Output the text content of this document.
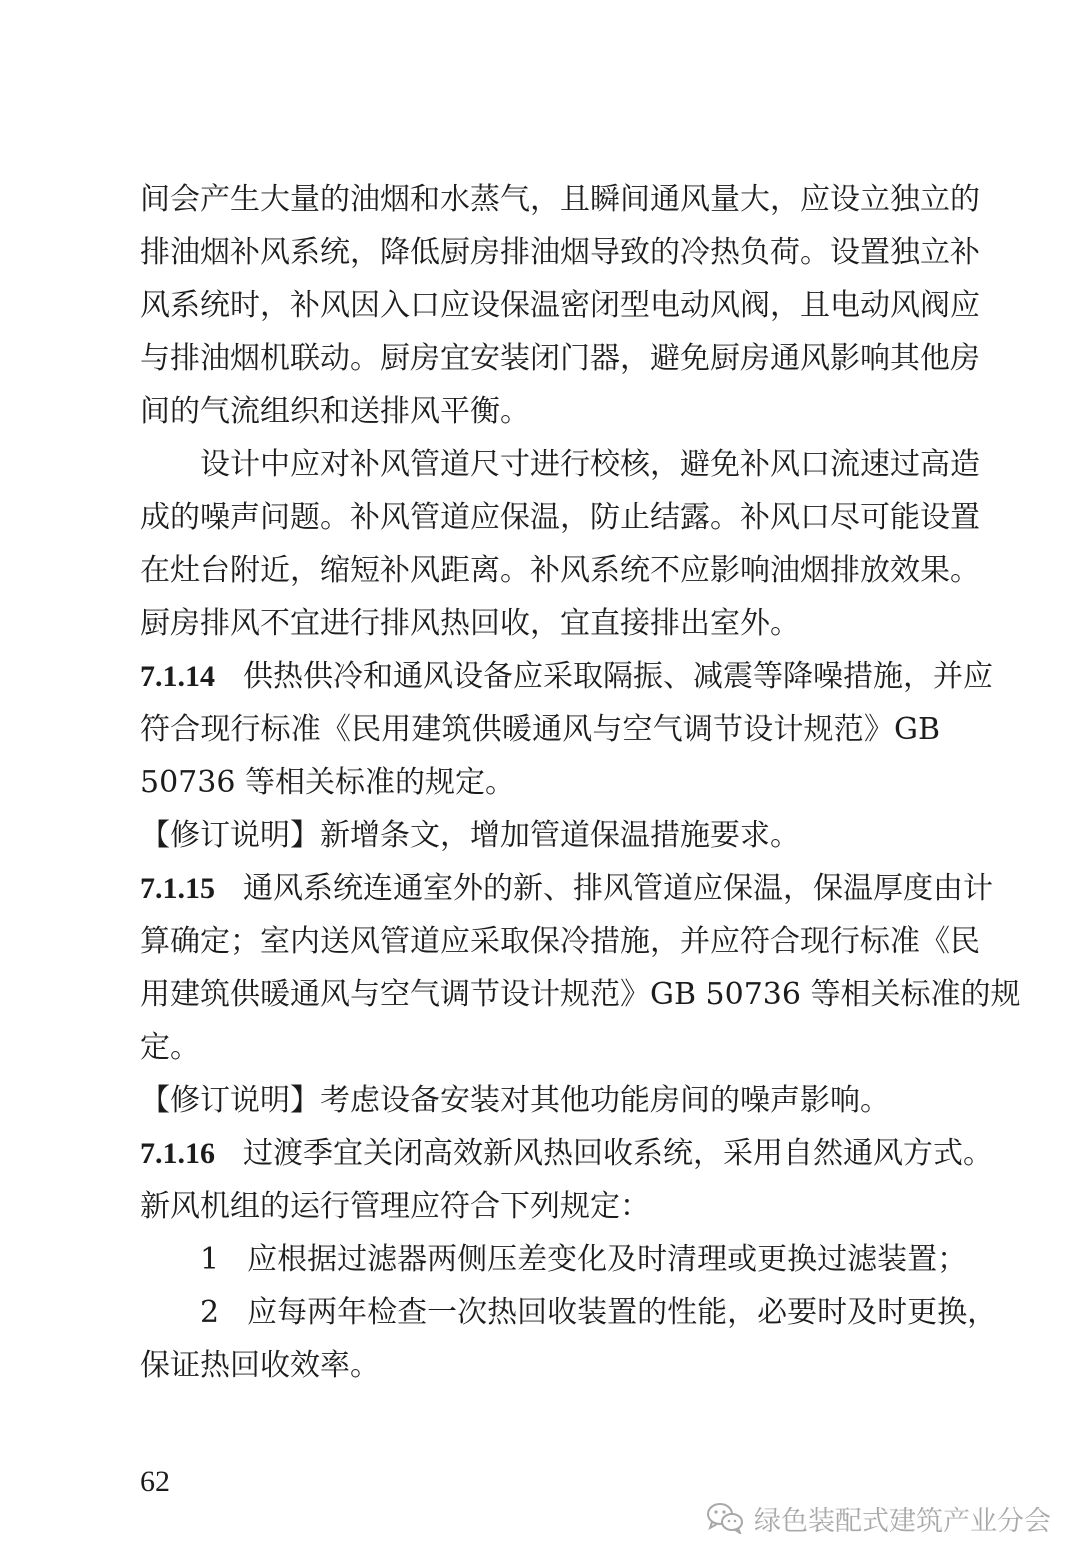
间会产生大量的油烟和水蒸气，且瞬间通风量大，应设立独立的
排油烟补风系统，降低厨房排油烟导致的冷热负荷。设置独立补
风系统时，补风因入口应设保温密闭型电动风阀，且电动风阀应
与排油烟机联动。厨房宜安装闭门器，避免厨房通风影响其他房
间的气流组织和送排风平衡。
设计中应对补风管道尺寸进行校核，避免补风口流速过高造
成的噪声问题。补风管道应保温，防止结露。补风口尽可能设置
在灶台附近，缩短补风距离。补风系统不应影响油烟排放效果。
厨房排风不宜进行排风热回收，宜直接排出室外。
7.1.14 供热供冷和通风设备应采取隔振、减震等降噪措施，并应
符合现行标准《民用建筑供暖通风与空气调节设计规范》GB
50736 等相关标准的规定。
【修订说明】新增条文，增加管道保温措施要求。
7.1.15 通风系统连通室外的新、排风管道应保温，保温厚度由计
算确定；室内送风管道应采取保冷措施，并应符合现行标准《民
用建筑供暖通风与空气调节设计规范》GB 50736 等相关标准的规
定。
【修订说明】考虑设备安装对其他功能房间的噪声影响。
7.1.16 过渡季宜关闭高效新风热回收系统，采用自然通风方式。
新风机组的运行管理应符合下列规定：
1 应根据过滤器两侧压差变化及时清理或更换过滤装置；
2 应每两年检查一次热回收装置的性能，必要时及时更换，
保证热回收效率。
62
绿色装配式建筑产业分会
